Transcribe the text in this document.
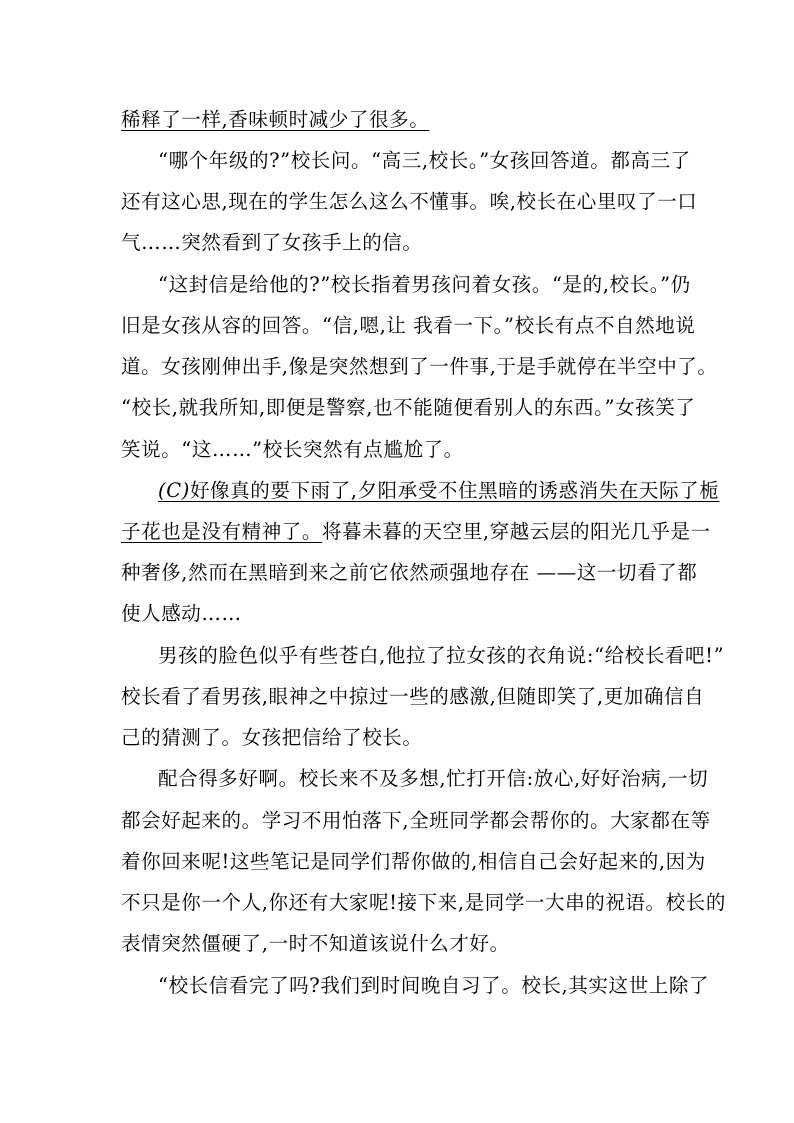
稀释了一样,香味顿时减少了很多。
“哪个年级的?”校长问。“高三,校长。”女孩回答道。都高三了
还有这心思,现在的学生怎么这么不懂事。唉,校长在心里叹了一口
气……突然看到了女孩手上的信。
“这封信是给他的?”校长指着男孩问着女孩。“是的,校长。”仍
旧是女孩从容的回答。“信,嗯,让 我看一下。”校长有点不自然地说
道。女孩刚伸出手,像是突然想到了一件事,于是手就停在半空中了。
“校长,就我所知,即便是警察,也不能随便看别人的东西。”女孩笑了
笑说。“这……”校长突然有点尴尬了。
(C)好像真的要下雨了,夕阳承受不住黑暗的诱惑消失在天际了栀
子花也是没有精神了。将暮未暮的天空里,穿越云层的阳光几乎是一
种奢侈,然而在黑暗到来之前它依然顽强地存在 ——这一切看了都
使人感动……
男孩的脸色似乎有些苍白,他拉了拉女孩的衣角说:“给校长看吧!”
校长看了看男孩,眼神之中掠过一些的感激,但随即笑了,更加确信自
己的猜测了。女孩把信给了校长。
配合得多好啊。校长来不及多想,忙打开信:放心,好好治病,一切
都会好起来的。学习不用怕落下,全班同学都会帮你的。大家都在等
着你回来呢!这些笔记是同学们帮你做的,相信自己会好起来的,因为
不只是你一个人,你还有大家呢!接下来,是同学一大串的祝语。校长的
表情突然僵硬了,一时不知道该说什么才好。
“校长信看完了吗?我们到时间晚自习了。校长,其实这世上除了
